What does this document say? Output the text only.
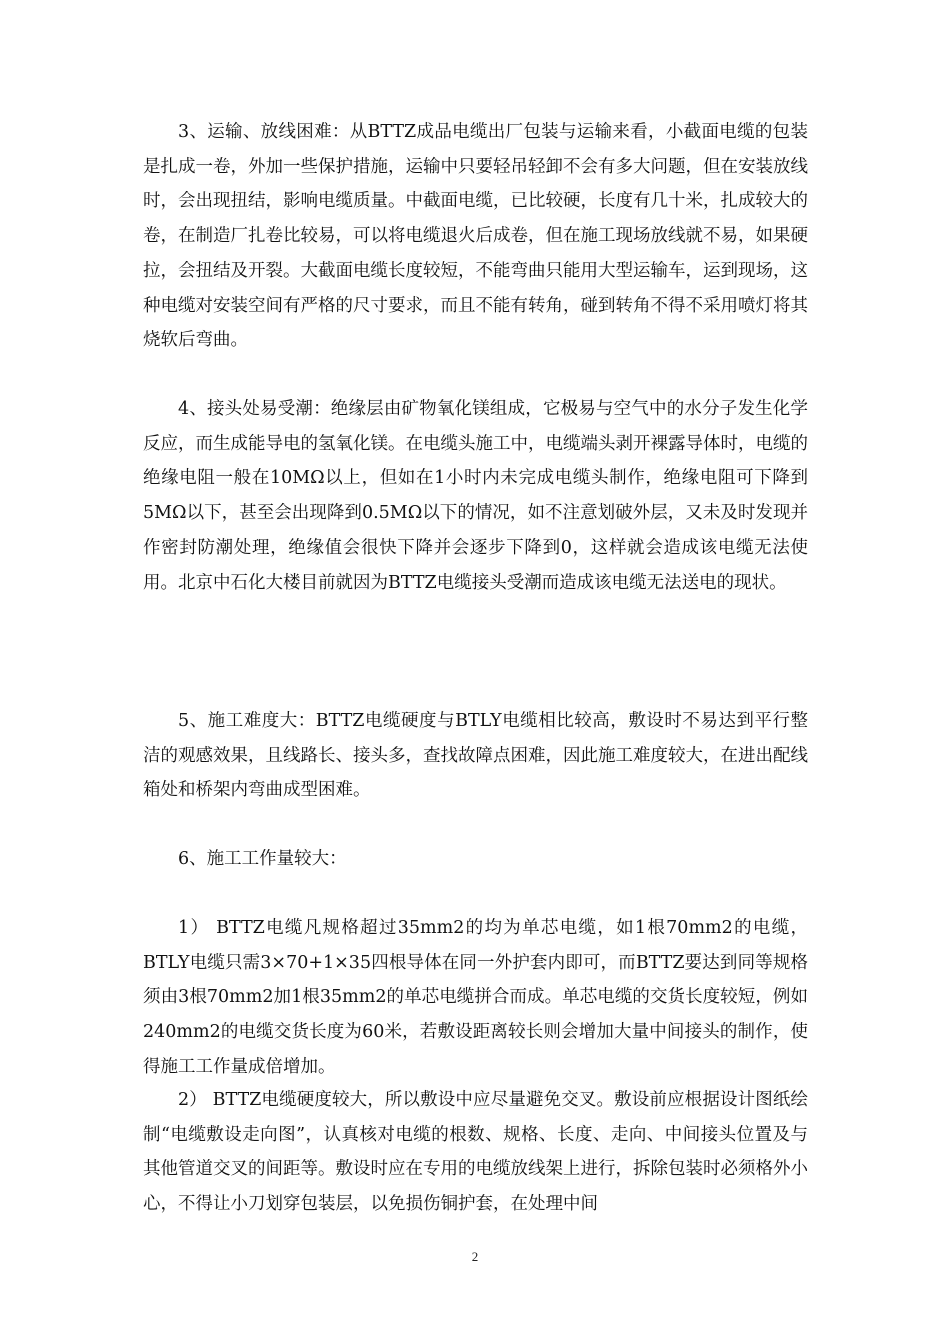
3、运输、放线困难：从BTTZ成品电缆出厂包装与运输来看，小截面电缆的包装是扎成一卷，外加一些保护措施，运输中只要轻吊轻卸不会有多大问题，但在安装放线时，会出现扭结，影响电缆质量。中截面电缆，已比较硬，长度有几十米，扎成较大的卷，在制造厂扎卷比较易，可以将电缆退火后成卷，但在施工现场放线就不易，如果硬拉，会扭结及开裂。大截面电缆长度较短，不能弯曲只能用大型运输车，运到现场，这种电缆对安装空间有严格的尺寸要求，而且不能有转角，碰到转角不得不采用喷灯将其烧软后弯曲。

4、接头处易受潮：绝缘层由矿物氧化镁组成，它极易与空气中的水分子发生化学反应，而生成能导电的氢氧化镁。在电缆头施工中，电缆端头剥开裸露导体时，电缆的绝缘电阻一般在10MΩ以上，但如在1小时内未完成电缆头制作，绝缘电阻可下降到5MΩ以下，甚至会出现降到0.5MΩ以下的情况，如不注意划破外层，又未及时发现并作密封防潮处理，绝缘值会很快下降并会逐步下降到0，这样就会造成该电缆无法使用。北京中石化大楼目前就因为BTTZ电缆接头受潮而造成该电缆无法送电的现状。

5、施工难度大：BTTZ电缆硬度与BTLY电缆相比较高，敷设时不易达到平行整洁的观感效果，且线路长、接头多，查找故障点困难，因此施工难度较大，在进出配线箱处和桥架内弯曲成型困难。

6、施工工作量较大：

1） BTTZ电缆凡规格超过35mm2的均为单芯电缆，如1根70mm2的电缆，BTLY电缆只需3×70+1×35四根导体在同一外护套内即可，而BTTZ要达到同等规格须由3根70mm2加1根35mm2的单芯电缆拼合而成。单芯电缆的交货长度较短，例如240mm2的电缆交货长度为60米，若敷设距离较长则会增加大量中间接头的制作，使得施工工作量成倍增加。

2） BTTZ电缆硬度较大，所以敷设中应尽量避免交叉。敷设前应根据设计图纸绘制“电缆敷设走向图”，认真核对电缆的根数、规格、长度、走向、中间接头位置及与其他管道交叉的间距等。敷设时应在专用的电缆放线架上进行，拆除包装时必须格外小心，不得让小刀划穿包装层，以免损伤铜护套，在处理中间

2
